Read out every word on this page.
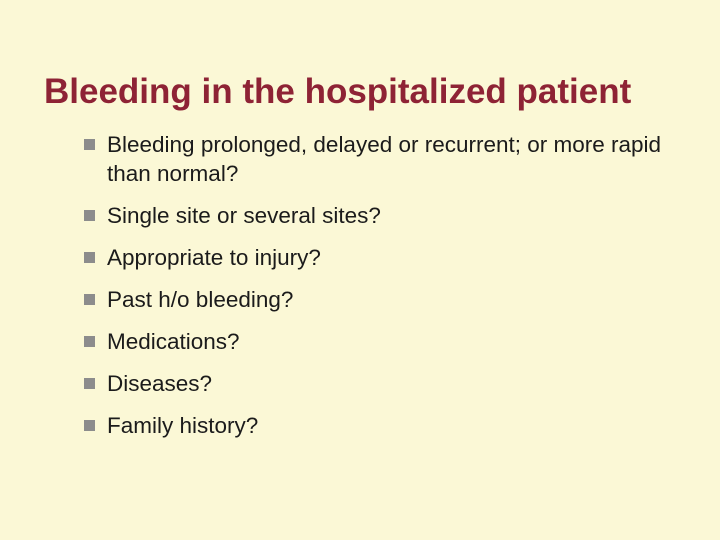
Bleeding in the hospitalized patient
Bleeding prolonged, delayed or recurrent; or more rapid than normal?
Single site or several sites?
Appropriate to injury?
Past h/o bleeding?
Medications?
Diseases?
Family history?
